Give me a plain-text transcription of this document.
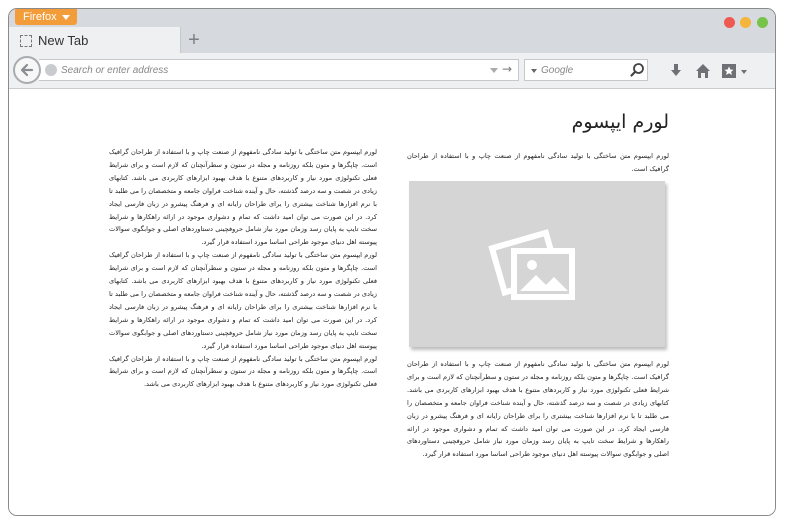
Firefox
New Tab	+
Search or enter address
→
Google
لورم ایپسوم
لورم ایپسوم متن ساختگی با تولید سادگی نامفهوم از صنعت چاپ و با استفاده از طراحان گرافیک است.
لورم ایپسوم متن ساختگی با تولید سادگی نامفهوم از صنعت چاپ و با استفاده از طراحان گرافیک است. چاپگرها و متون بلکه روزنامه و مجله در ستون و سطرآنچنان که لازم است و برای شرایط فعلی تکنولوژی مورد نیاز و کاربردهای متنوع با هدف بهبود ابزارهای کاربردی می باشد. کتابهای زیادی در شصت و سه درصد گذشته، حال و آینده شناخت فراوان جامعه و متخصصان را می طلبد تا با نرم افزارها شناخت بیشتری را برای طراحان رایانه ای و فرهنگ پیشرو در زبان فارسی ایجاد کرد. در این صورت می توان امید داشت که تمام و دشواری موجود در ارائه راهکارها و شرایط سخت تایپ به پایان رسد وزمان مورد نیاز شامل حروفچینی دستاوردهای اصلی و جوابگوی سوالات پیوسته اهل دنیای موجود طراحی اساسا مورد استفاده قرار گیرد.

لورم ایپسوم متن ساختگی با تولید سادگی نامفهوم از صنعت چاپ و با استفاده از طراحان گرافیک است. چاپگرها و متون بلکه روزنامه و مجله در ستون و سطرآنچنان که لازم است و برای شرایط فعلی تکنولوژی مورد نیاز و کاربردهای متنوع با هدف بهبود ابزارهای کاربردی می باشد. کتابهای زیادی در شصت و سه درصد گذشته، حال و آینده شناخت فراوان جامعه و متخصصان را می طلبد تا با نرم افزارها شناخت بیشتری را برای طراحان رایانه ای و فرهنگ پیشرو در زبان فارسی ایجاد کرد. در این صورت می توان امید داشت که تمام و دشواری موجود در ارائه راهکارها و شرایط سخت تایپ به پایان رسد وزمان مورد نیاز شامل حروفچینی دستاوردهای اصلی و جوابگوی سوالات پیوسته اهل دنیای موجود طراحی اساسا مورد استفاده قرار گیرد.

لورم ایپسوم متن ساختگی با تولید سادگی نامفهوم از صنعت چاپ و با استفاده از طراحان گرافیک است. چاپگرها و متون بلکه روزنامه و مجله در ستون و سطرآنچنان که لازم است و برای شرایط فعلی تکنولوژی مورد نیاز و کاربردهای متنوع با هدف بهبود ابزارهای کاربردی می باشد. کتابهای زیادی در شصت و سه درصد گذشته، حال و آینده شناخت فراوان جامعه و متخصصان را می طلبد تا با نرم افزارها شناخت بیشتری را برای طراحان رایانه ای و فرهنگ پیشرو در زبان فارسی ایجاد کرد. در این صورت می توان امید داشت که تمام و دشواری موجود در ارائه راهکارها و شرایط سخت تایپ به پایان رسد وزمان مورد نیاز شامل حروفچینی دستاوردهای اصلی و جوابگوی سوالات پیوسته اهل دنیای موجود طراحی اساسا مورد استفاده قرار گیرد.

لورم ایپسوم متن ساختگی با تولید سادگی نامفهوم از صنعت چاپ و با استفاده از طراحان گرافیک است. چاپگرها و متون بلکه روزنامه و مجله در ستون و سطرآنچنان که لازم است و برای شرایط فعلی تکنولوژی مورد نیاز و کاربردهای متنوع با هدف بهبود ابزارهای کاربردی می باشد.
